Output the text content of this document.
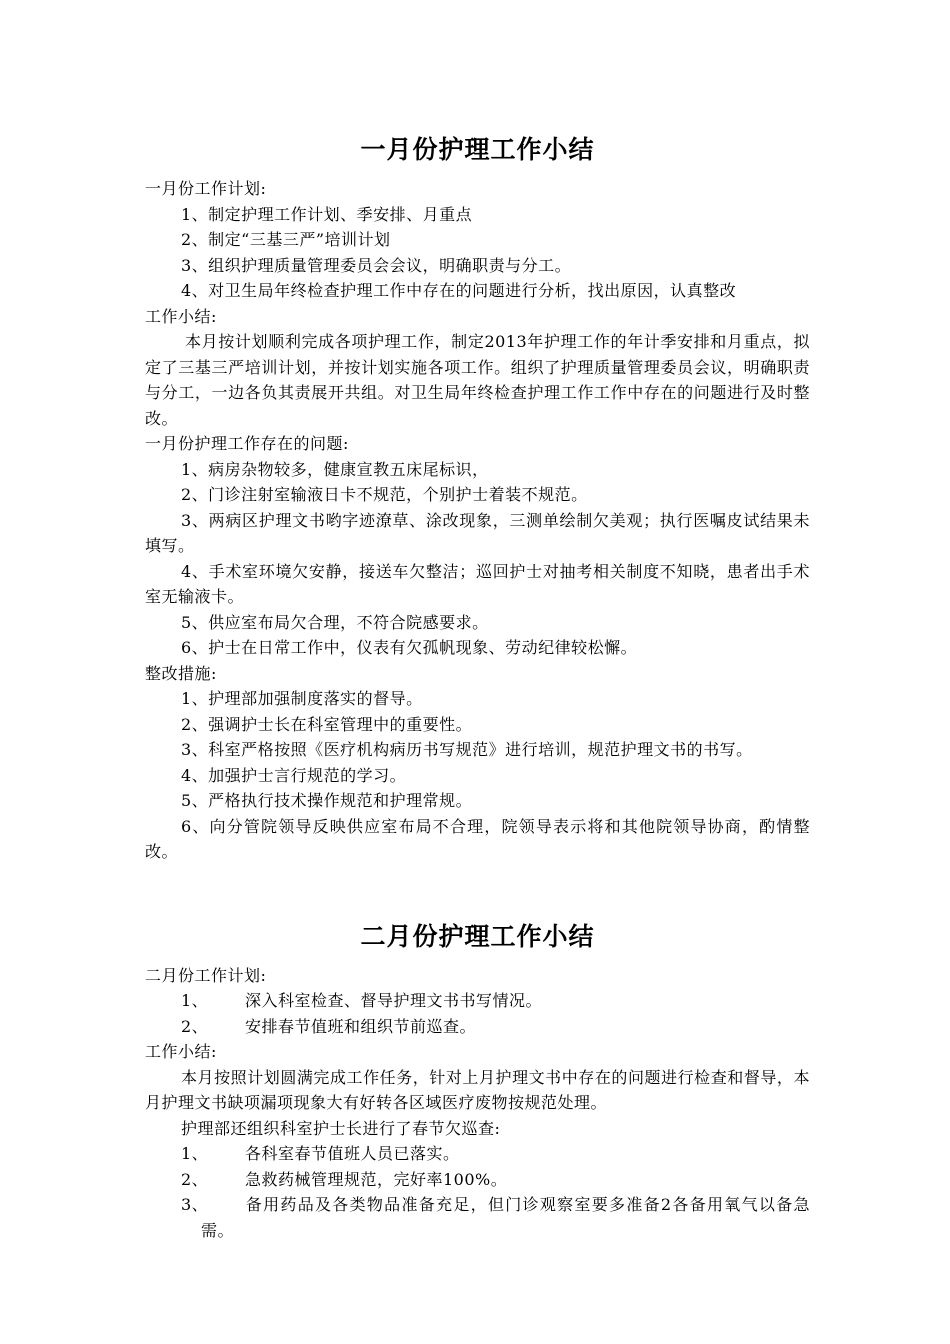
一月份护理工作小结

一月份工作计划:

1、制定护理工作计划、季安排、月重点

2、制定“三基三严”培训计划

3、组织护理质量管理委员会会议，明确职责与分工。

4、对卫生局年终检查护理工作中存在的问题进行分析，找出原因，认真整改

工作小结:

本月按计划顺利完成各项护理工作，制定2013年护理工作的年计季安排和月重点，拟定了三基三严培训计划，并按计划实施各项工作。组织了护理质量管理委员会议，明确职责与分工，一边各负其责展开共组。对卫生局年终检查护理工作工作中存在的问题进行及时整改。

一月份护理工作存在的问题:

1、病房杂物较多，健康宣教五床尾标识，

2、门诊注射室输液日卡不规范，个别护士着装不规范。

3、两病区护理文书哟字迹潦草、涂改现象，三测单绘制欠美观；执行医嘱皮试结果未填写。

4、手术室环境欠安静，接送车欠整洁；巡回护士对抽考相关制度不知晓，患者出手术室无输液卡。

5、供应室布局欠合理，不符合院感要求。

6、护士在日常工作中，仪表有欠孤帆现象、劳动纪律较松懈。

整改措施:

1、护理部加强制度落实的督导。

2、强调护士长在科室管理中的重要性。

3、科室严格按照《医疗机构病历书写规范》进行培训，规范护理文书的书写。

4、加强护士言行规范的学习。

5、严格执行技术操作规范和护理常规。

6、向分管院领导反映供应室布局不合理，院领导表示将和其他院领导协商，酌情整改。

二月份护理工作小结

二月份工作计划:

1、 深入科室检查、督导护理文书书写情况。

2、 安排春节值班和组织节前巡查。

工作小结:

本月按照计划圆满完成工作任务，针对上月护理文书中存在的问题进行检查和督导，本月护理文书缺项漏项现象大有好转各区域医疗废物按规范处理。

护理部还组织科室护士长进行了春节欠巡查:

1、 各科室春节值班人员已落实。

2、 急救药械管理规范，完好率100%。

3、 备用药品及各类物品准备充足，但门诊观察室要多准备2各备用氧气以备急需。
